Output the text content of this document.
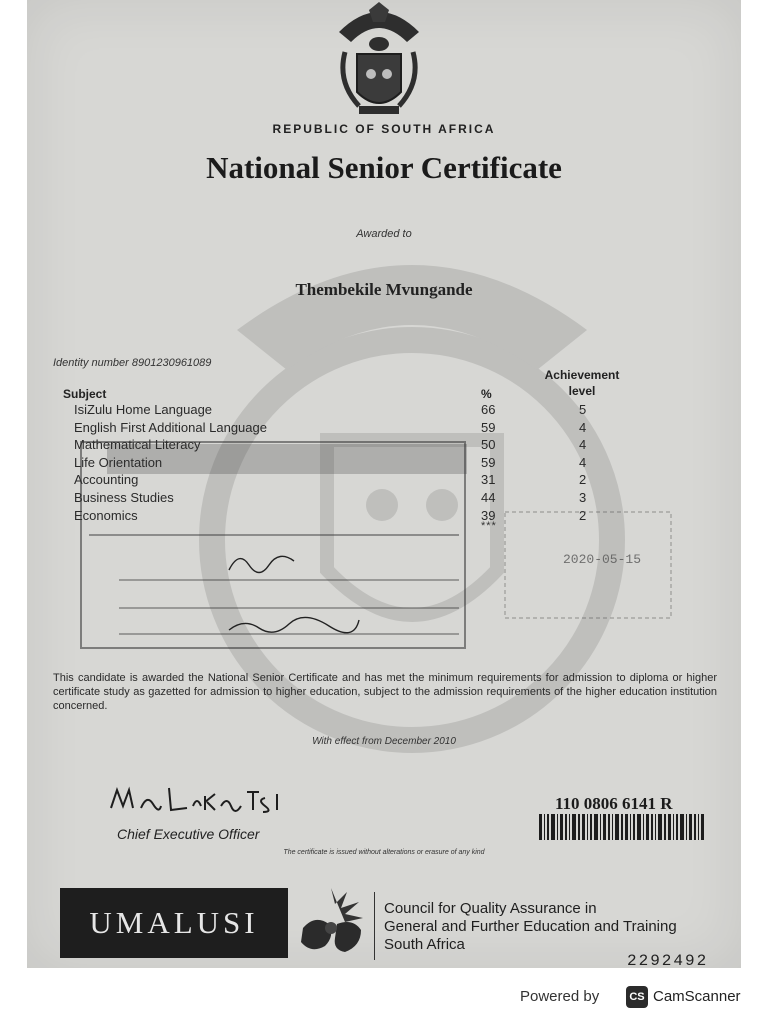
REPUBLIC OF SOUTH AFRICA
National Senior Certificate
Awarded to
Thembekile Mvungande
Identity number 8901230961089
Achievement
level
Subject	%
IsiZulu Home Language	66	5
English First Additional Language	59	4
Mathematical Literacy	50	4
Life Orientation	59	4
Accounting	31	2
Business Studies	44	3
Economics	39	2
***
2020-05-15
This candidate is awarded the National Senior Certificate and has met the minimum requirements for admission to diploma or higher certificate study as gazetted for admission to higher education, subject to the admission requirements of the higher education institution concerned.
With effect from December 2010
Chief Executive Officer
110 0806 6141 R
The certificate is issued without alterations or erasure of any kind
UMALUSI	Council for Quality Assurance in
General and Further Education and Training
South Africa
2292492
Powered by	CS CamScanner
